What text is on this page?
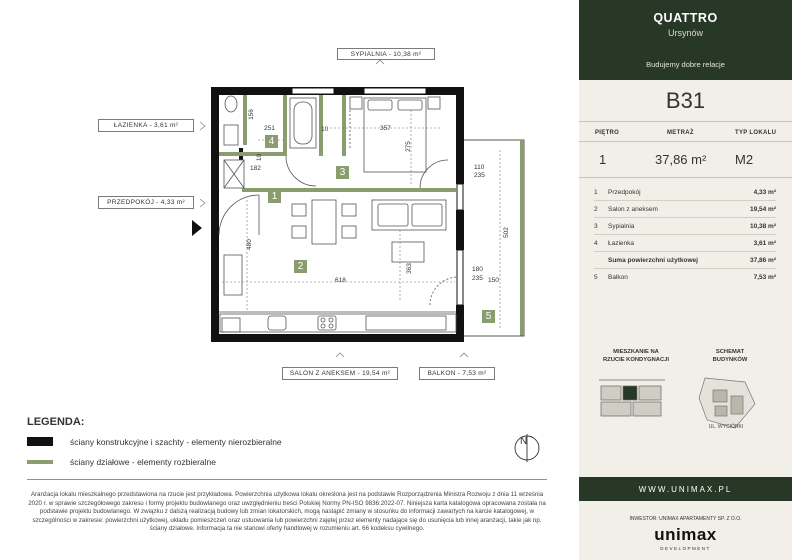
SYPIALNIA - 10,38 m²
ŁAZIENKA - 3,61 m²
PRZEDPOKÓJ - 4,33 m²
SALON Z ANEKSEM - 19,54 m²	BALKON - 7,53 m²
156
251	10	357
275
10
182	110
235
502
480
363
618
180
235 150
1
2
3
4
5
N
LEGENDA:
ściany konstrukcyjne i szachty - elementy nierozbieralne
ściany działowe - elementy rozbieralne
Aranżacja lokalu mieszkalnego przedstawiona na rzucie jest przykładowa. Powierzchnia użytkowa lokalu określona jest na podstawie Rozporządzenia Ministra Rozwoju z dnia 11 września 2020 r. w sprawie szczegółowego zakresu i formy projektu budowlanego oraz uwzględnieniu treści Polskiej Normy PN-ISO 9836:2022-07. Niniejsza karta katalogowa opracowana została na podstawie projektu budowlanego. W związku z dalszą realizacją budowy lub zmian lokatorskich, mogą nastąpić zmiany w stosunku do informacji zawartych na karcie katalogowej, w szczególności w zakresie: powierzchni użytkowej, układu pomieszczeń oraz ustuowania lub powierzchni zajętej przez elementy nadające się do usunięcia lub innej aranżacji, takie jak np. ściany działowe. Informacja ta nie stanowi oferty handlowej w rozumieniu art. 66 kodeksu cywilnego.
QUATTRO
Ursynów
Budujemy dobre relacje
B31
PIĘTRO	METRAŻ	TYP LOKALU
1	37,86 m² M2
1 Przedpokój	4,33 m²
2 Salon z aneksem	19,54 m²
3 Sypialnia	10,38 m²
4 Łazienka	3,61 m²
Suma powierzchni użytkowej	37,86 m²
5 Balkon	7,53 m²
MIESZKANIE NA
RZUCIE KONDYGNACJI
SCHEMAT
BUDYNKÓW
UL. WYCIÓRKI
WWW.UNIMAX.PL
INWESTOR: UNIMAX APARTAMENTY SP. Z O.O.
unimax
DEVELOPMENT
